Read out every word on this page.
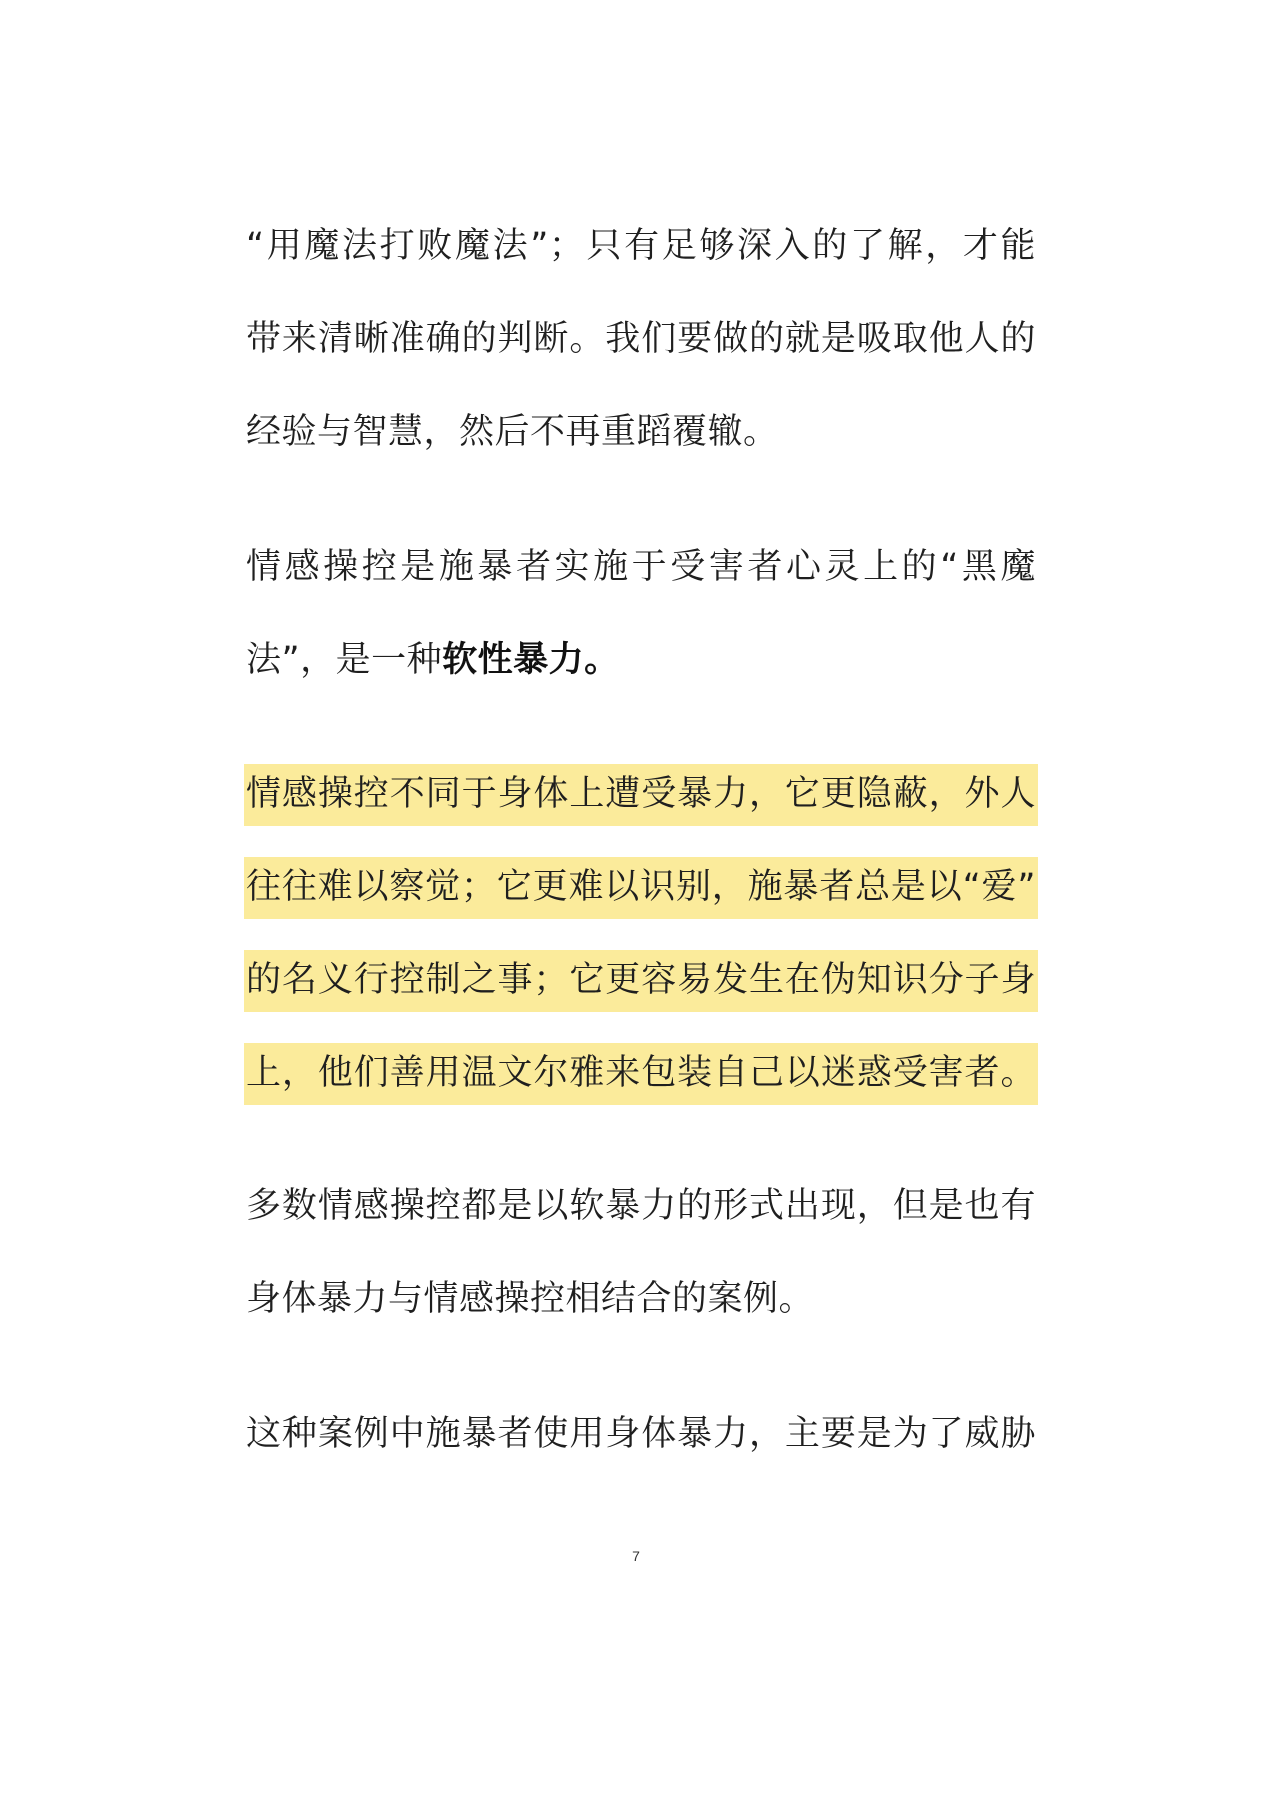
“用魔法打败魔法”；只有足够深入的了解，才能
带来清晰准确的判断。我们要做的就是吸取他人的
经验与智慧，然后不再重蹈覆辙。
情感操控是施暴者实施于受害者心灵上的“黑魔
法”，是一种软性暴力。
情感操控不同于身体上遭受暴力，它更隐蔽，外人
往往难以察觉；它更难以识别，施暴者总是以“爱”
的名义行控制之事；它更容易发生在伪知识分子身
上，他们善用温文尔雅来包装自己以迷惑受害者。
多数情感操控都是以软暴力的形式出现，但是也有
身体暴力与情感操控相结合的案例。
这种案例中施暴者使用身体暴力，主要是为了威胁
7
